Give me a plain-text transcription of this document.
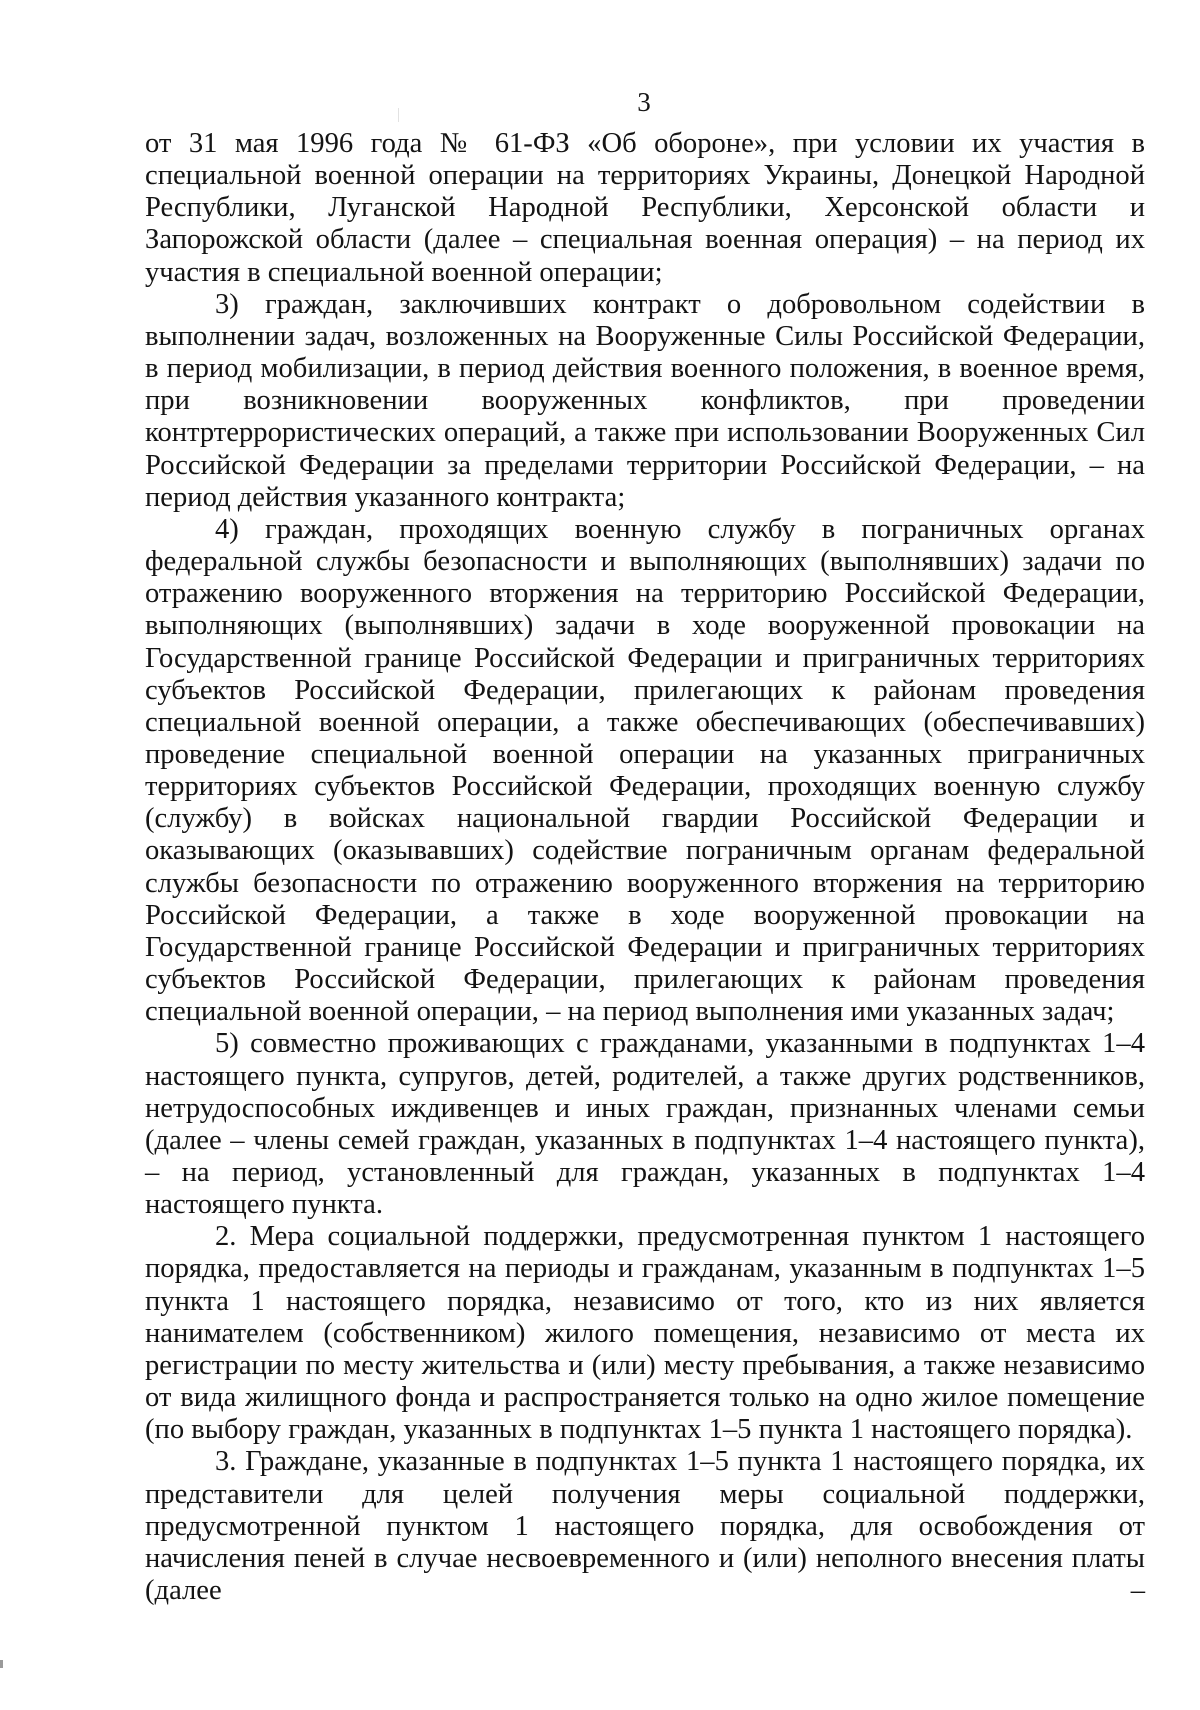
3

от 31 мая 1996 года № 61-ФЗ «Об обороне», при условии их участия в специальной военной операции на территориях Украины, Донецкой Народной Республики, Луганской Народной Республики, Херсонской области и Запорожской области (далее – специальная военная операция) – на период их участия в специальной военной операции;

3) граждан, заключивших контракт о добровольном содействии в выполнении задач, возложенных на Вооруженные Силы Российской Федерации, в период мобилизации, в период действия военного положения, в военное время, при возникновении вооруженных конфликтов, при проведении контртеррористических операций, а также при использовании Вооруженных Сил Российской Федерации за пределами территории Российской Федерации, – на период действия указанного контракта;

4) граждан, проходящих военную службу в пограничных органах федеральной службы безопасности и выполняющих (выполнявших) задачи по отражению вооруженного вторжения на территорию Российской Федерации, выполняющих (выполнявших) задачи в ходе вооруженной провокации на Государственной границе Российской Федерации и приграничных территориях субъектов Российской Федерации, прилегающих к районам проведения специальной военной операции, а также обеспечивающих (обеспечивавших) проведение специальной военной операции на указанных приграничных территориях субъектов Российской Федерации, проходящих военную службу (службу) в войсках национальной гвардии Российской Федерации и оказывающих (оказывавших) содействие пограничным органам федеральной службы безопасности по отражению вооруженного вторжения на территорию Российской Федерации, а также в ходе вооруженной провокации на Государственной границе Российской Федерации и приграничных территориях субъектов Российской Федерации, прилегающих к районам проведения специальной военной операции, – на период выполнения ими указанных задач;

5) совместно проживающих с гражданами, указанными в подпунктах 1–4 настоящего пункта, супругов, детей, родителей, а также других родственников, нетрудоспособных иждивенцев и иных граждан, признанных членами семьи (далее – члены семей граждан, указанных в подпунктах 1–4 настоящего пункта), – на период, установленный для граждан, указанных в подпунктах 1–4 настоящего пункта.

2. Мера социальной поддержки, предусмотренная пунктом 1 настоящего порядка, предоставляется на периоды и гражданам, указанным в подпунктах 1–5 пункта 1 настоящего порядка, независимо от того, кто из них является нанимателем (собственником) жилого помещения, независимо от места их регистрации по месту жительства и (или) месту пребывания, а также независимо от вида жилищного фонда и распространяется только на одно жилое помещение (по выбору граждан, указанных в подпунктах 1–5 пункта 1 настоящего порядка).

3. Граждане, указанные в подпунктах 1–5 пункта 1 настоящего порядка, их представители для целей получения меры социальной поддержки, предусмотренной пунктом 1 настоящего порядка, для освобождения от начисления пеней в случае несвоевременного и (или) неполного внесения платы (далее –
